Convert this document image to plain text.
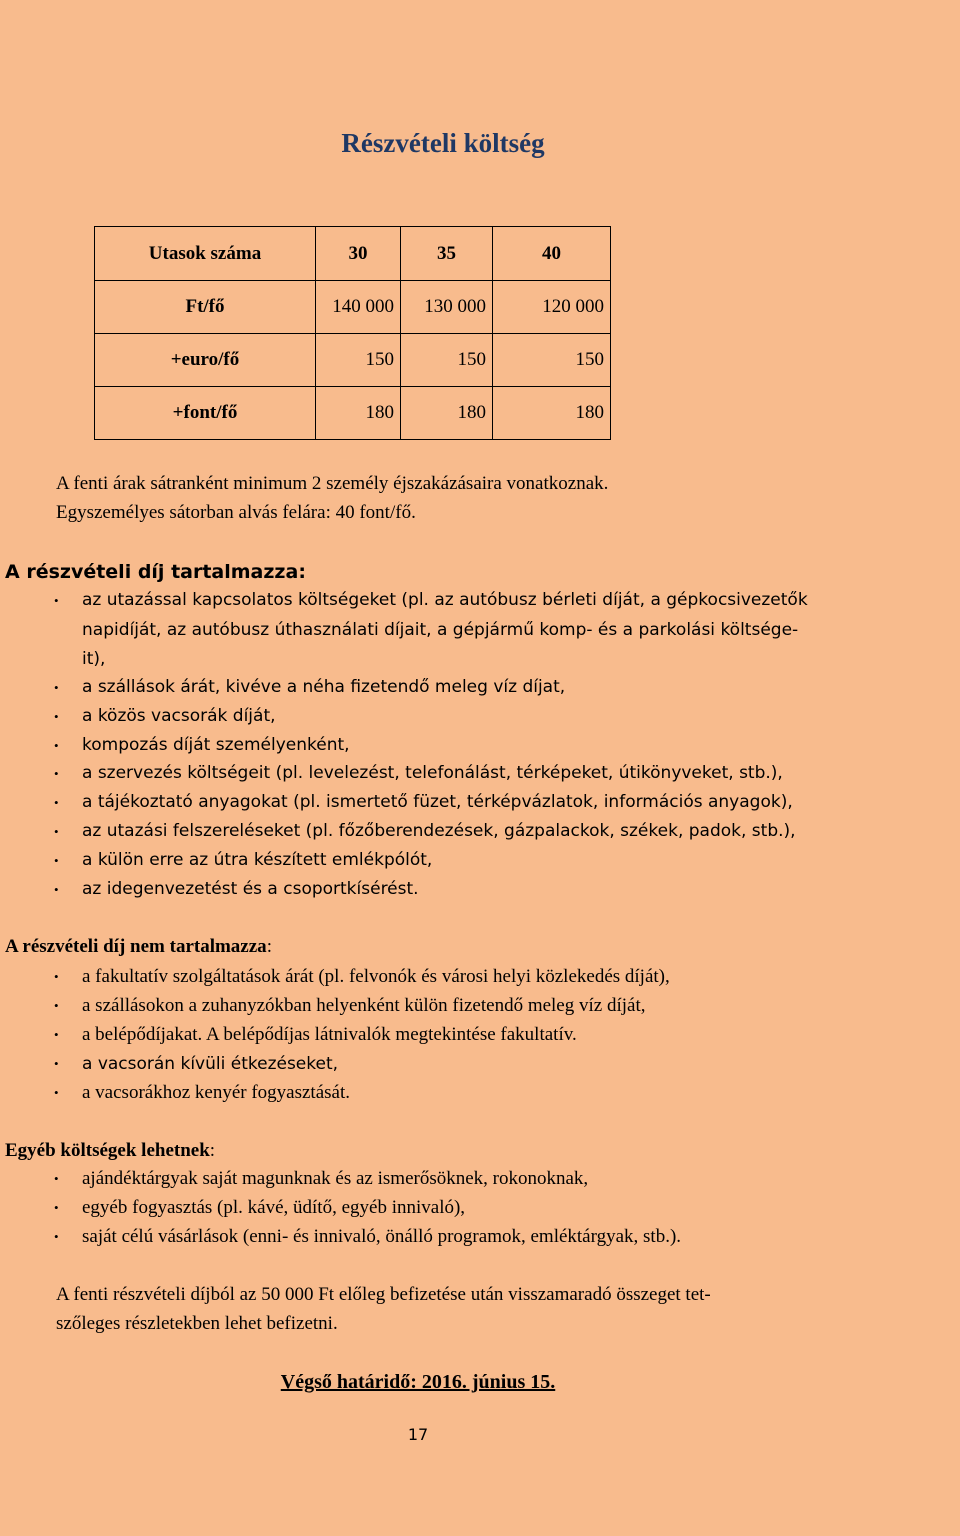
Részvételi költség
Utasok száma	30	35	40
Ft/fő	140 000	130 000	120 000
+euro/fő	150	150	150
+font/fő	180	180	180
A fenti árak sátranként minimum 2 személy éjszakázásaira vonatkoznak.
Egyszemélyes sátorban alvás felára: 40 font/fő.
A részvételi díj tartalmazza:
• az utazással kapcsolatos költségeket (pl. az autóbusz bérleti díját, a gépkocsivezetők
napidíját, az autóbusz úthasználati díjait, a gépjármű komp- és a parkolási költsége-
it),
• a szállások árát, kivéve a néha fizetendő meleg víz díjat,
• a közös vacsorák díját,
• kompozás díját személyenként,
• a szervezés költségeit (pl. levelezést, telefonálást, térképeket, útikönyveket, stb.),
• a tájékoztató anyagokat (pl. ismertető füzet, térképvázlatok, információs anyagok),
• az utazási felszereléseket (pl. főzőberendezések, gázpalackok, székek, padok, stb.),
• a külön erre az útra készített emlékpólót,
• az idegenvezetést és a csoportkísérést.
A részvételi díj nem tartalmazza:
• a fakultatív szolgáltatások árát (pl. felvonók és városi helyi közlekedés díját),
• a szállásokon a zuhanyzókban helyenként külön fizetendő meleg víz díját,
• a belépődíjakat. A belépődíjas látnivalók megtekintése fakultatív.
• a vacsorán kívüli étkezéseket,
• a vacsorákhoz kenyér fogyasztását.
Egyéb költségek lehetnek:
• ajándéktárgyak saját magunknak és az ismerősöknek, rokonoknak,
• egyéb fogyasztás (pl. kávé, üdítő, egyéb innivaló),
• saját célú vásárlások (enni- és innivaló, önálló programok, emléktárgyak, stb.).
A fenti részvételi díjból az 50 000 Ft előleg befizetése után visszamaradó összeget tet-
szőleges részletekben lehet befizetni.
Végső határidő: 2016. június 15.
17
